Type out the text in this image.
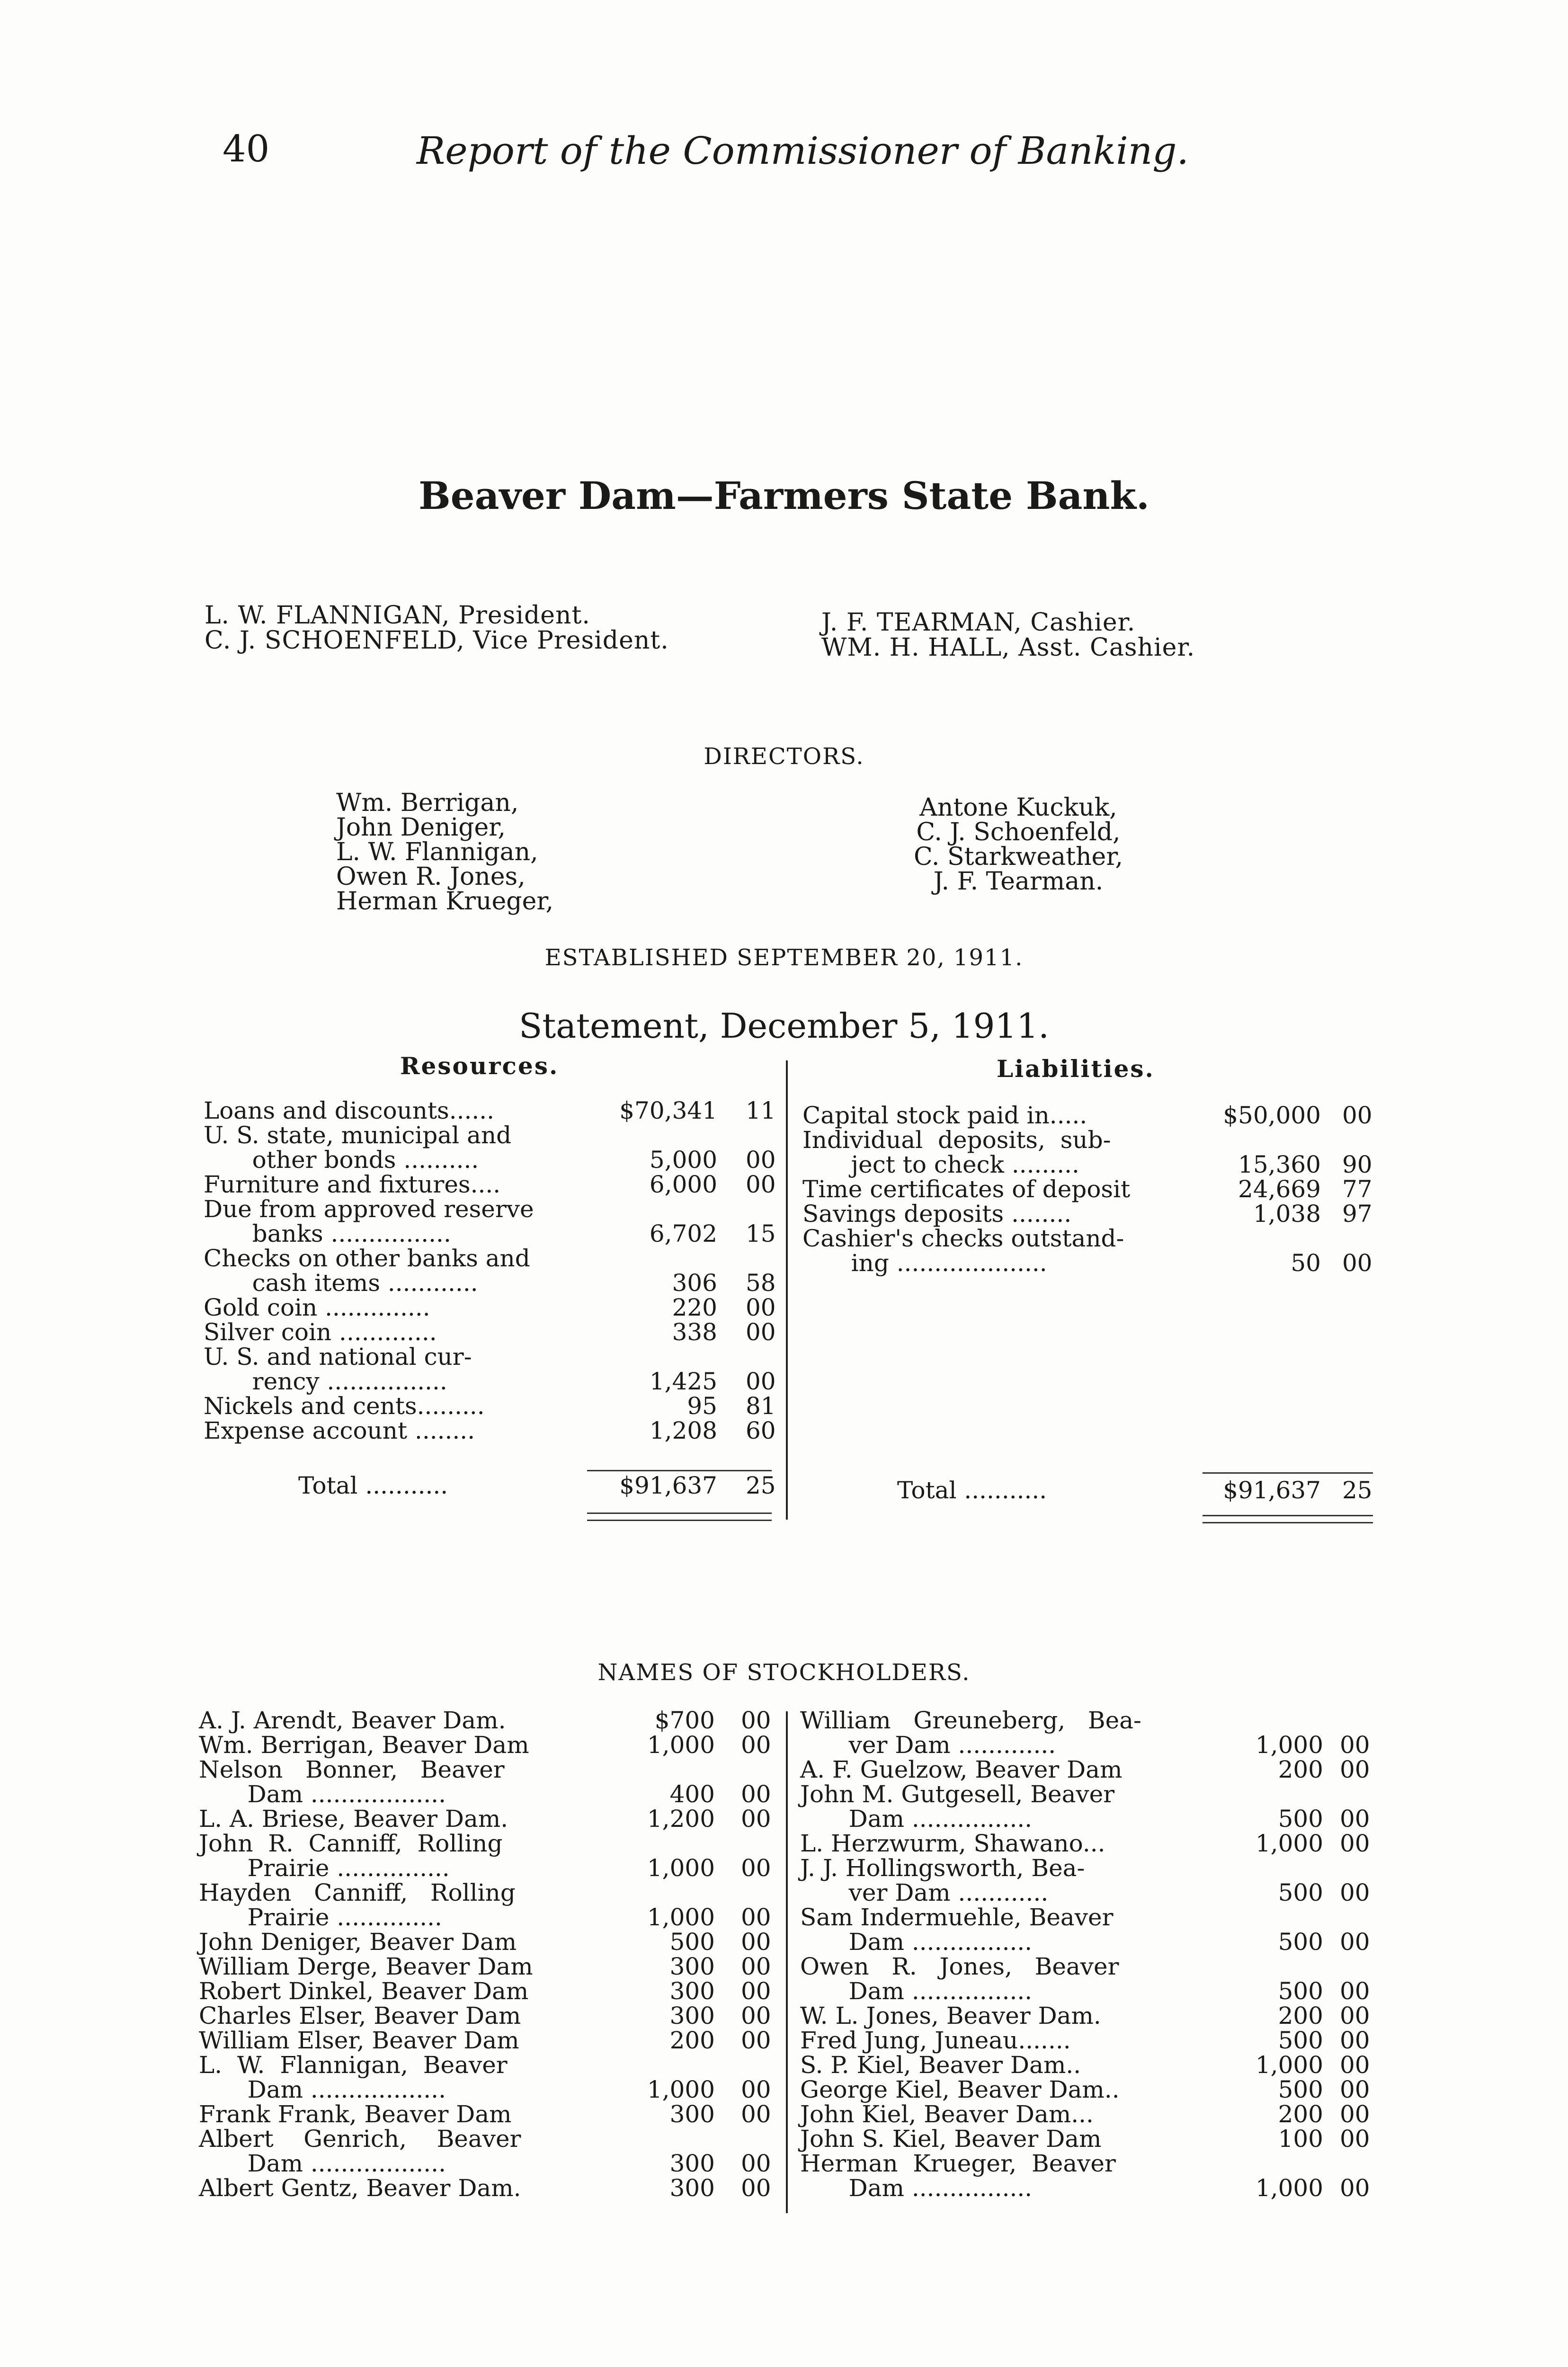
40	Report of the Commissioner of Banking.
Beaver Dam—Farmers State Bank.
L. W. FLANNIGAN, President.
C. J. SCHOENFELD, Vice President.
J. F. TEARMAN, Cashier.
WM. H. HALL, Asst. Cashier.
DIRECTORS.
Wm. Berrigan,
John Deniger,
L. W. Flannigan,
Owen R. Jones,
Herman Krueger,
Antone Kuckuk,
C. J. Schoenfeld,
C. Starkweather,
J. F. Tearman.
ESTABLISHED SEPTEMBER 20, 1911.
Statement, December 5, 1911.
Resources.	Liabilities.
Loans and discounts......	$70,341 11
U. S. state, municipal and
other bonds ..........	5,000 00
Furniture and fixtures....	6,000 00
Due from approved reserve
banks ................	6,702 15
Checks on other banks and
cash items ............	306 58
Gold coin ..............	220 00
Silver coin .............	338 00
U. S. and national cur-
rency ................	1,425 00
Nickels and cents.........	95 81
Expense account ........	1,208 60
Capital stock paid in.....	$50,000 00
Individual  deposits,  sub-
ject to check .........	15,360 90
Time certificates of deposit	24,669 77
Savings deposits ........	1,038 97
Cashier's checks outstand-
ing ....................	50 00
Total ...........	$91,637 25	Total ...........	$91,637 25
NAMES OF STOCKHOLDERS.
A. J. Arendt, Beaver Dam.	$700 00
Wm. Berrigan, Beaver Dam	1,000 00
Nelson   Bonner,   Beaver
Dam ..................	400 00
L. A. Briese, Beaver Dam.	1,200 00
John  R.  Canniff,  Rolling
Prairie ...............	1,000 00
Hayden   Canniff,   Rolling
Prairie ..............	1,000 00
John Deniger, Beaver Dam	500 00
William Derge, Beaver Dam	300 00
Robert Dinkel, Beaver Dam	300 00
Charles Elser, Beaver Dam	300 00
William Elser, Beaver Dam	200 00
L.  W.  Flannigan,  Beaver
Dam ..................	1,000 00
Frank Frank, Beaver Dam	300 00
Albert    Genrich,    Beaver
Dam ..................	300 00
Albert Gentz, Beaver Dam.	300 00
William   Greuneberg,   Bea-
ver Dam .............	1,000 00
A. F. Guelzow, Beaver Dam	200 00
John M. Gutgesell, Beaver
Dam ................	500 00
L. Herzwurm, Shawano...	1,000 00
J. J. Hollingsworth, Bea-
ver Dam ............	500 00
Sam Indermuehle, Beaver
Dam ................	500 00
Owen   R.   Jones,   Beaver
Dam ................	500 00
W. L. Jones, Beaver Dam.	200 00
Fred Jung, Juneau.......	500 00
S. P. Kiel, Beaver Dam..	1,000 00
George Kiel, Beaver Dam..	500 00
John Kiel, Beaver Dam...	200 00
John S. Kiel, Beaver Dam	100 00
Herman  Krueger,  Beaver
Dam ................	1,000 00
